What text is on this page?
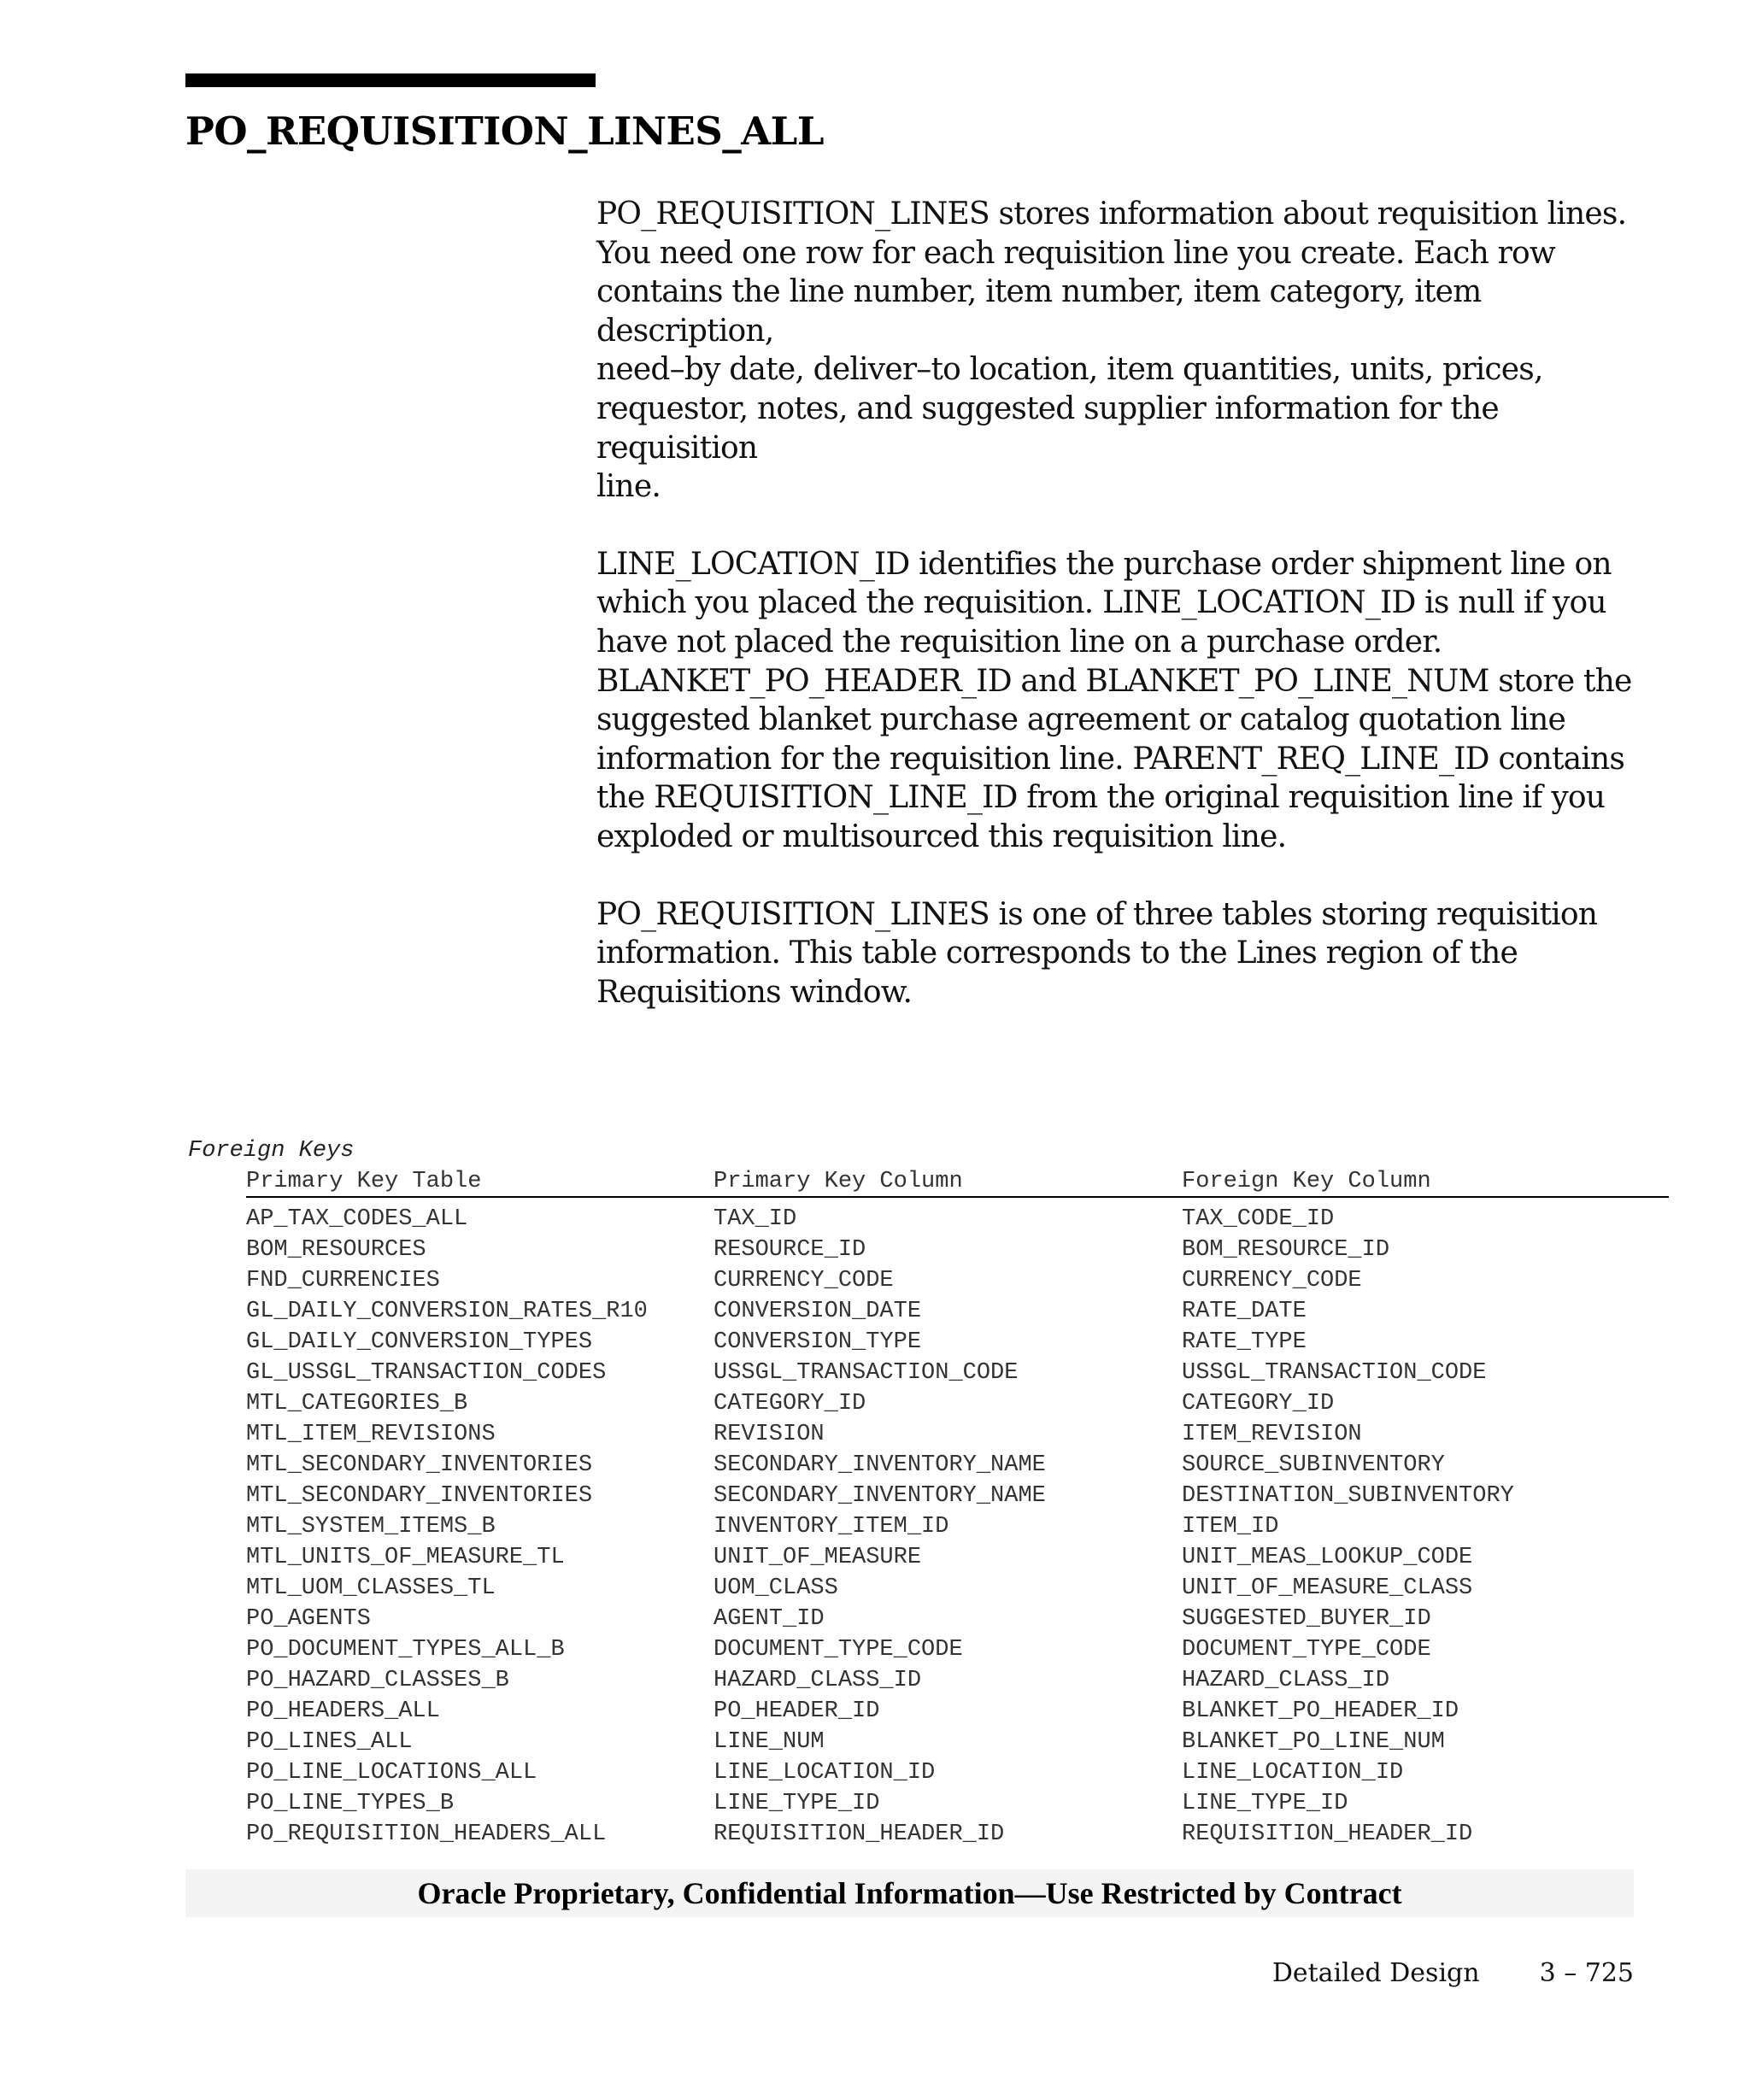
PO_REQUISITION_LINES_ALL

PO_REQUISITION_LINES stores information about requisition lines.
You need one row for each requisition line you create. Each row
contains the line number, item number, item category, item description,
need–by date, deliver–to location, item quantities, units, prices,
requestor, notes, and suggested supplier information for the requisition
line.

LINE_LOCATION_ID identifies the purchase order shipment line on
which you placed the requisition. LINE_LOCATION_ID is null if you
have not placed the requisition line on a purchase order.
BLANKET_PO_HEADER_ID and BLANKET_PO_LINE_NUM store the
suggested blanket purchase agreement or catalog quotation line
information for the requisition line. PARENT_REQ_LINE_ID contains
the REQUISITION_LINE_ID from the original requisition line if you
exploded or multisourced this requisition line.

PO_REQUISITION_LINES is one of three tables storing requisition
information. This table corresponds to the Lines region of the
Requisitions window.

Foreign Keys
Primary Key Table	Primary Key Column	Foreign Key Column
AP_TAX_CODES_ALL	TAX_ID	TAX_CODE_ID
BOM_RESOURCES	RESOURCE_ID	BOM_RESOURCE_ID
FND_CURRENCIES	CURRENCY_CODE	CURRENCY_CODE
GL_DAILY_CONVERSION_RATES_R10	CONVERSION_DATE	RATE_DATE
GL_DAILY_CONVERSION_TYPES	CONVERSION_TYPE	RATE_TYPE
GL_USSGL_TRANSACTION_CODES	USSGL_TRANSACTION_CODE	USSGL_TRANSACTION_CODE
MTL_CATEGORIES_B	CATEGORY_ID	CATEGORY_ID
MTL_ITEM_REVISIONS	REVISION	ITEM_REVISION
MTL_SECONDARY_INVENTORIES	SECONDARY_INVENTORY_NAME	SOURCE_SUBINVENTORY
MTL_SECONDARY_INVENTORIES	SECONDARY_INVENTORY_NAME	DESTINATION_SUBINVENTORY
MTL_SYSTEM_ITEMS_B	INVENTORY_ITEM_ID	ITEM_ID
MTL_UNITS_OF_MEASURE_TL	UNIT_OF_MEASURE	UNIT_MEAS_LOOKUP_CODE
MTL_UOM_CLASSES_TL	UOM_CLASS	UNIT_OF_MEASURE_CLASS
PO_AGENTS	AGENT_ID	SUGGESTED_BUYER_ID
PO_DOCUMENT_TYPES_ALL_B	DOCUMENT_TYPE_CODE	DOCUMENT_TYPE_CODE
PO_HAZARD_CLASSES_B	HAZARD_CLASS_ID	HAZARD_CLASS_ID
PO_HEADERS_ALL	PO_HEADER_ID	BLANKET_PO_HEADER_ID
PO_LINES_ALL	LINE_NUM	BLANKET_PO_LINE_NUM
PO_LINE_LOCATIONS_ALL	LINE_LOCATION_ID	LINE_LOCATION_ID
PO_LINE_TYPES_B	LINE_TYPE_ID	LINE_TYPE_ID
PO_REQUISITION_HEADERS_ALL	REQUISITION_HEADER_ID	REQUISITION_HEADER_ID
Oracle Proprietary, Confidential Information––Use Restricted by Contract
Detailed Design 3 – 725
